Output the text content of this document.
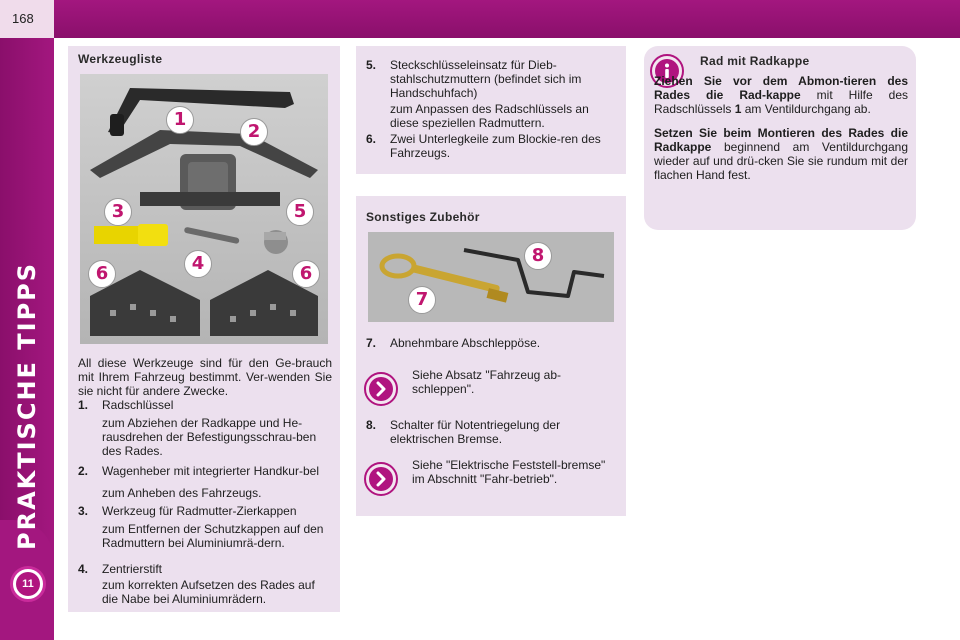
168
PRAKTISCHE TIPPS
11
Werkzeugliste
1
2
3	5
4
6	6
All diese Werkzeuge sind für den Ge-brauch mit Ihrem Fahrzeug bestimmt. Ver-wenden Sie sie nicht für andere Zwecke.
1. Radschlüssel
zum Abziehen der Radkappe und He-rausdrehen der Befestigungsschrau-ben des Rades.
2. Wagenheber mit integrierter Handkur-bel
zum Anheben des Fahrzeugs.
3. Werkzeug für Radmutter-Zierkappen
zum Entfernen der Schutzkappen auf den Radmuttern bei Aluminiumrä-dern.
4. Zentrierstift
zum korrekten Aufsetzen des Rades auf die Nabe bei Aluminiumrädern.
5. Steckschlüsseleinsatz für Dieb-stahlschutzmuttern (befindet sich im Handschuhfach)
zum Anpassen des Radschlüssels an diese speziellen Radmuttern.
6. Zwei Unterlegkeile zum Blockie-ren des Fahrzeugs.
Sonstiges Zubehör
8
7
7. Abnehmbare Abschleppöse.
Siehe Absatz "Fahrzeug ab-schleppen".
8. Schalter für Notentriegelung der elektrischen Bremse.
Siehe "Elektrische Feststell-bremse" im Abschnitt "Fahr-betrieb".
Rad mit Radkappe
Ziehen Sie vor dem Abmon-tieren des Rades die Rad-kappe mit Hilfe des Radschlüssels 1 am Ventildurchgang ab.
Setzen Sie beim Montieren des Rades die Radkappe beginnend am Ventildurchgang wieder auf und drü-cken Sie sie rundum mit der flachen Hand fest.
